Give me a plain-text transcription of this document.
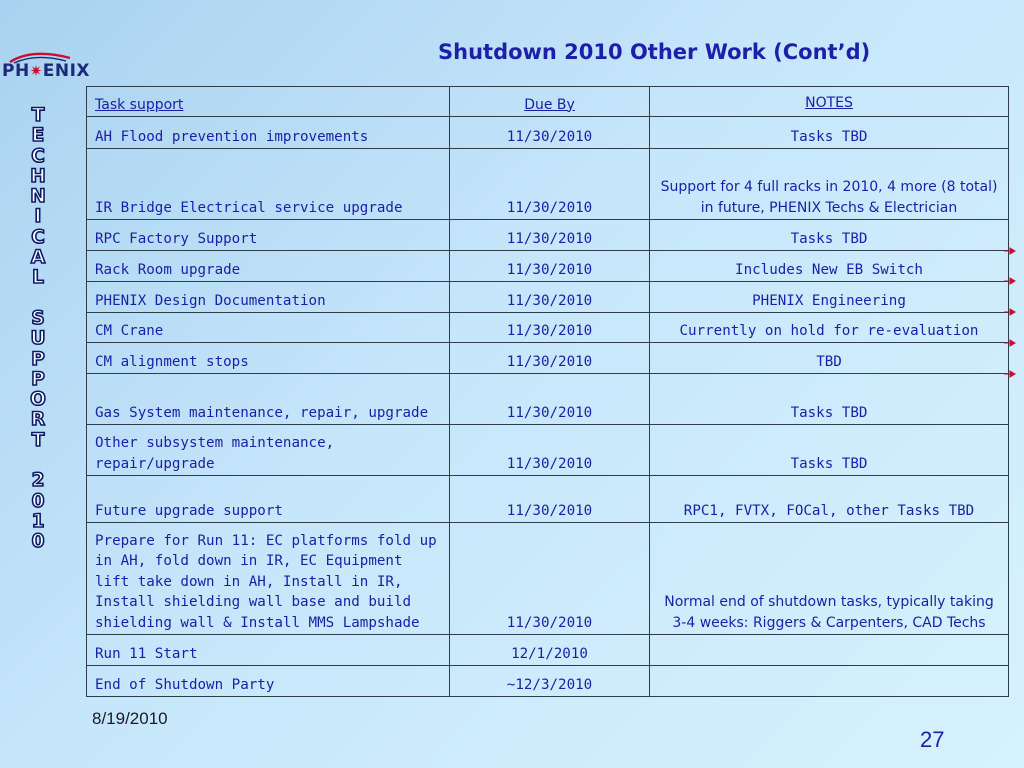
PH✷ENIX
Shutdown 2010 Other Work (Cont’d)
T
E
C
H
N
I
C
A
L
S
U
P
P
O
R
T
2
0
1
0
Task support	Due By	NOTES
AH Flood prevention improvements	11/30/2010	Tasks TBD
IR Bridge Electrical service upgrade	11/30/2010	Support for 4 full racks in 2010, 4 more (8 total) in future, PHENIX Techs & Electrician
RPC Factory Support	11/30/2010	Tasks TBD
Rack Room upgrade	11/30/2010	Includes New EB Switch
PHENIX Design Documentation	11/30/2010	PHENIX Engineering
CM Crane	11/30/2010	Currently on hold for re-evaluation
CM alignment stops	11/30/2010	TBD
Gas System maintenance, repair, upgrade	11/30/2010	Tasks TBD
Other subsystem maintenance, repair/upgrade	11/30/2010	Tasks TBD
Future upgrade support	11/30/2010	RPC1, FVTX, FOCal, other Tasks TBD
Prepare for Run 11: EC platforms fold up in AH, fold down in IR, EC Equipment lift take down in AH, Install in IR, Install shielding wall base and build shielding wall & Install MMS Lampshade	11/30/2010	Normal end of shutdown tasks, typically taking 3-4 weeks: Riggers & Carpenters, CAD Techs
Run 11 Start	12/1/2010	
End of Shutdown Party	~12/3/2010	
8/19/2010
27
